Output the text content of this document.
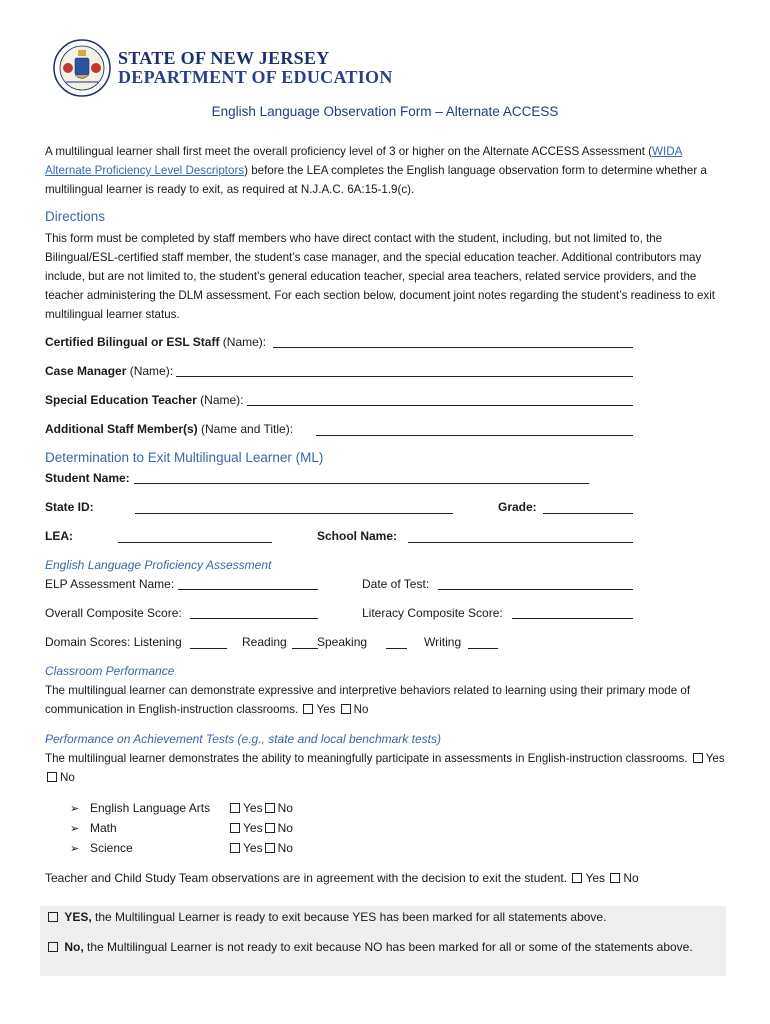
STATE OF NEW JERSEY
DEPARTMENT OF EDUCATION
English Language Observation Form – Alternate ACCESS
A multilingual learner shall first meet the overall proficiency level of 3 or higher on the Alternate ACCESS Assessment (WIDA Alternate Proficiency Level Descriptors) before the LEA completes the English language observation form to determine whether a multilingual learner is ready to exit, as required at N.J.A.C. 6A:15-1.9(c).
Directions
This form must be completed by staff members who have direct contact with the student, including, but not limited to, the Bilingual/ESL-certified staff member, the student’s case manager, and the special education teacher. Additional contributors may include, but are not limited to, the student’s general education teacher, special area teachers, related service providers, and the teacher administering the DLM assessment. For each section below, document joint notes regarding the student’s readiness to exit multilingual learner status.
Certified Bilingual or ESL Staff (Name):
Case Manager (Name):
Special Education Teacher (Name):
Additional Staff Member(s) (Name and Title):
Determination to Exit Multilingual Learner (ML)
Student Name:
State ID:	Grade:
LEA:	School Name:
English Language Proficiency Assessment
ELP Assessment Name:	Date of Test:
Overall Composite Score:	Literacy Composite Score:
Domain Scores: Listening	Reading	Speaking	Writing
Classroom Performance
The multilingual learner can demonstrate expressive and interpretive behaviors related to learning using their primary mode of communication in English-instruction classrooms. Yes No
Performance on Achievement Tests (e.g., state and local benchmark tests)
The multilingual learner demonstrates the ability to meaningfully participate in assessments in English-instruction classrooms. Yes No
➢ English Language Arts	Yes No
➢ Math	Yes No
➢ Science	Yes No
Teacher and Child Study Team observations are in agreement with the decision to exit the student. Yes No
YES, the Multilingual Learner is ready to exit because YES has been marked for all statements above.
No, the Multilingual Learner is not ready to exit because NO has been marked for all or some of the statements above.
